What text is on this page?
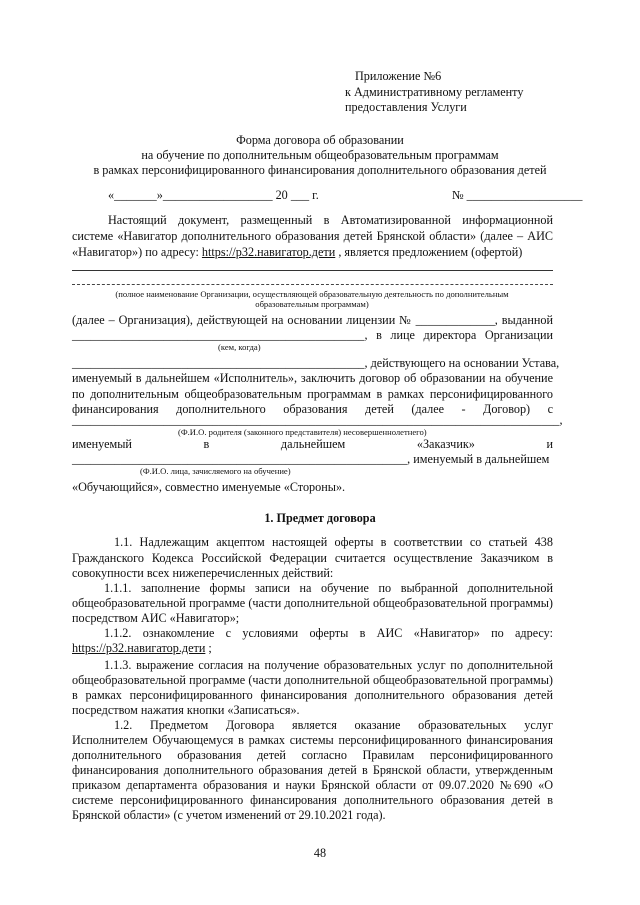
Приложение №6
к Административному регламенту
предоставления Услуги
Форма договора об образовании
на обучение по дополнительным общеобразовательным программам
в рамках персонифицированного финансирования дополнительного образования детей
«_______»__________________ 20 ___ г.	№ ___________________
Настоящий документ, размещенный в Автоматизированной информационной
системе «Навигатор дополнительного образования детей Брянской области» (далее – АИС
«Навигатор») по адресу: https://р32.навигатор.дети , является предложением (офертой)
(полное наименование Организации, осуществляющей образовательную деятельность по дополнительным
образовательным программам)
(далее – Организация), действующей на основании лицензии № _____________, выданной
________________________________________________, в лице директора Организации
(кем, когда)
________________________________________________, действующего на основании Устава,
именуемый в дальнейшем «Исполнитель», заключить договор об образовании на обучение
по дополнительным общеобразовательным программам в рамках персонифицированного
финансирования дополнительного образования детей (далее - Договор) с
________________________________________________________________________________,
(Ф.И.О. родителя (законного представителя) несовершеннолетнего)
именуемый	в	дальнейшем	«Заказчик»	и
_______________________________________________________, именуемый в дальнейшем
(Ф.И.О. лица, зачисляемого на обучение)
«Обучающийся», совместно именуемые «Стороны».
1. Предмет договора
1.1. Надлежащим акцептом настоящей оферты в соответствии со статьей 438
Гражданского Кодекса Российской Федерации считается осуществление Заказчиком в
совокупности всех нижеперечисленных действий:
1.1.1. заполнение формы записи на обучение по выбранной дополнительной
общеобразовательной программе (части дополнительной общеобразовательной программы)
посредством АИС «Навигатор»;
1.1.2. ознакомление с условиями оферты в АИС «Навигатор» по адресу:
https://р32.навигатор.дети ;
1.1.3. выражение согласия на получение образовательных услуг по дополнительной
общеобразовательной программе (части дополнительной общеобразовательной программы)
в рамках персонифицированного финансирования дополнительного образования детей
посредством нажатия кнопки «Записаться».
1.2. Предметом Договора является оказание образовательных услуг
Исполнителем Обучающемуся в рамках системы персонифицированного финансирования
дополнительного образования детей согласно Правилам персонифицированного
финансирования дополнительного образования детей в Брянской области, утвержденным
приказом департамента образования и науки Брянской области от 09.07.2020 №690 «О
системе персонифицированного финансирования дополнительного образования детей в
Брянской области» (с учетом изменений от 29.10.2021 года).
48
